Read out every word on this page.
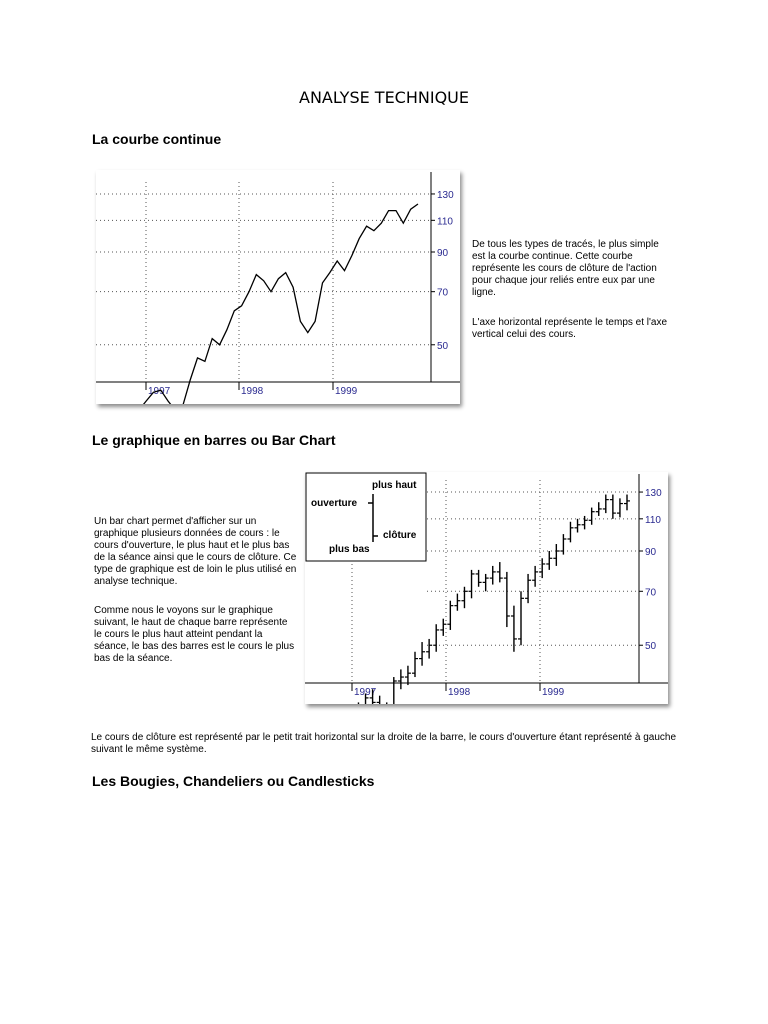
ANALYSE TECHNIQUE
La courbe continue
50
70
90
110
130
1997	1998	1999
De tous les types de tracés, le plus simple est la courbe continue. Cette courbe représente les cours de clôture de l'action pour chaque jour reliés entre eux par une ligne.
L'axe horizontal représente le temps et l'axe vertical celui des cours.
Le graphique en barres ou Bar Chart
Un bar chart permet d'afficher sur un graphique plusieurs données de cours : le cours d'ouverture, le plus haut et le plus bas de la séance ainsi que le cours de clôture. Ce type de graphique est de loin le plus utilisé en analyse technique.
Comme nous le voyons sur le graphique suivant, le haut de chaque barre représente le cours le plus haut atteint pendant la séance, le bas des barres est le cours le plus bas de la séance.
50
70
90
110
130
1997	1998	1999
plus haut
ouverture
clôture
plus bas
Le cours de clôture est représenté par le petit trait horizontal sur la droite de la barre, le cours d'ouverture étant représenté à gauche suivant le même système.
Les Bougies, Chandeliers ou Candlesticks
